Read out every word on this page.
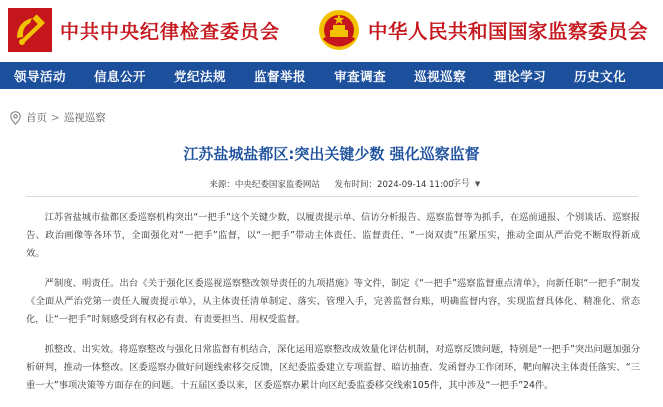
中共中央纪律检查委员会	中华人民共和国国家监察委员会
领导活动 信息公开 党纪法规 监督举报 审查调查 巡视巡察 理论学习 历史文化
首页 > 巡视巡察
江苏盐城盐都区:突出关键少数 强化巡察监督
来源：中央纪委国家监委网站 发布时间：2024-09-14 11:00
字号 ▼

江苏省盐城市盐都区委巡察机构突出“一把手”这个关键少数，以履责提示单、信访分析报告、巡察监督等为抓手，在巡前通报、个别谈话、巡察报告、政治画像等各环节，全面强化对“一把手”监督，以“一把手”带动主体责任、监督责任、“一岗双责”压紧压实，推动全面从严治党不断取得新成效。

严制度、明责任。出台《关于强化区委巡视巡察整改领导责任的九项措施》等文件，制定《“一把手”巡察监督重点清单》，向新任职“一把手”制发《全面从严治党第一责任人履责提示单》，从主体责任清单制定、落实、管理入手，完善监督台账，明确监督内容，实现监督具体化、精准化、常态化，让“一把手”时刻感受到有权必有责、有责要担当、用权受监督。

抓整改、出实效。将巡察整改与强化日常监督有机结合，深化运用巡察整改成效量化评估机制，对巡察反馈问题，特别是“一把手”突出问题加强分析研判，推动一体整改。区委巡察办做好问题线索移交反馈，区纪委监委建立专项监督、暗访抽查、发函督办工作闭环，靶向解决主体责任落实、“三重一大”事项决策等方面存在的问题。十五届区委以来，区委巡察办累计向区纪委监委移交线索105件，其中涉及“一把手”24件。
